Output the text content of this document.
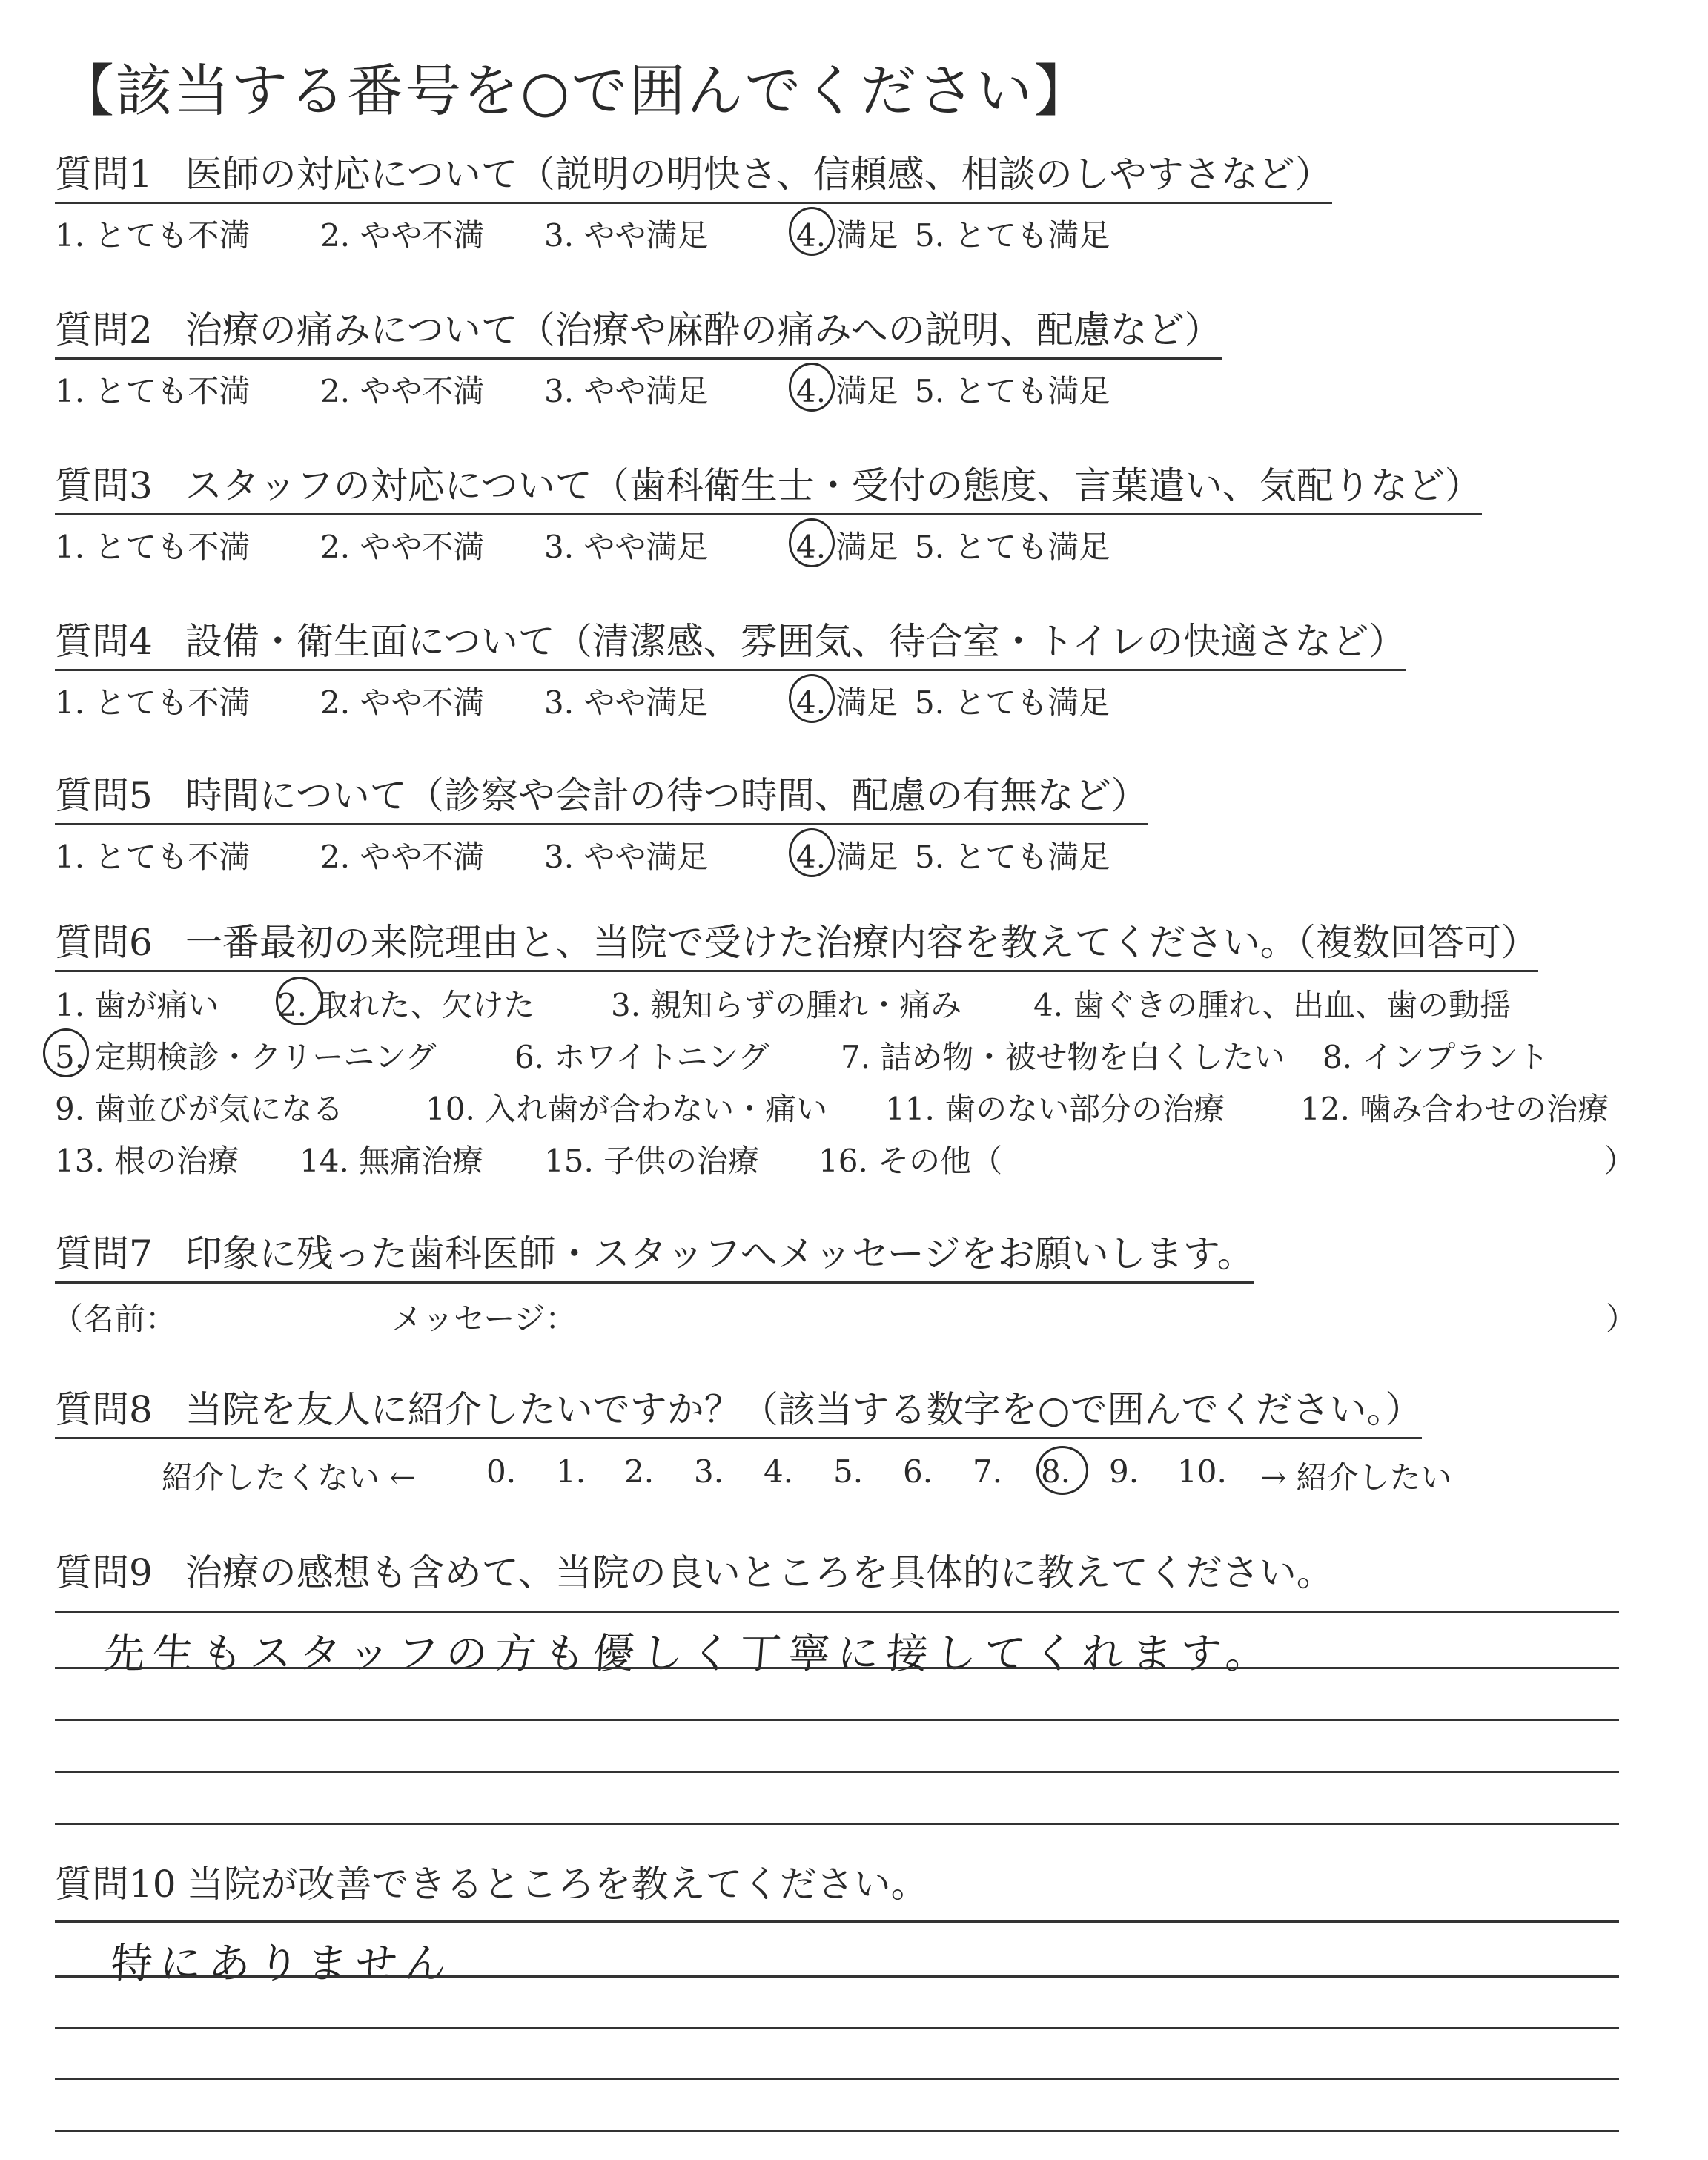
【該当する番号を○で囲んでください】
質問1 医師の対応について（説明の明快さ、信頼感、相談のしやすさなど）
1. とても不満 2. やや不満 3. やや満足	4. 満足 5. とても満足
質問2 治療の痛みについて（治療や麻酔の痛みへの説明、配慮など）
1. とても不満 2. やや不満 3. やや満足	4. 満足 5. とても満足
質問3 スタッフの対応について（歯科衛生士・受付の態度、言葉遣い、気配りなど）
1. とても不満 2. やや不満 3. やや満足	4. 満足 5. とても満足
質問4 設備・衛生面について（清潔感、雰囲気、待合室・トイレの快適さなど）
1. とても不満 2. やや不満 3. やや満足	4. 満足 5. とても満足
質問5 時間について（診察や会計の待つ時間、配慮の有無など）
1. とても不満 2. やや不満 3. やや満足	4. 満足 5. とても満足
質問6 一番最初の来院理由と、当院で受けた治療内容を教えてください。（複数回答可）
1. 歯が痛い 2. 取れた、欠けた 3. 親知らずの腫れ・痛み 4. 歯ぐきの腫れ、出血、歯の動揺
5. 定期検診・クリーニング	6. ホワイトニング 7. 詰め物・被せ物を白くしたい 8. インプラント
9. 歯並びが気になる	10. 入れ歯が合わない・痛い 11. 歯のない部分の治療 12. 噛み合わせの治療
13. 根の治療 14. 無痛治療 15. 子供の治療 16. その他（	）
質問7 印象に残った歯科医師・スタッフへメッセージをお願いします。
（名前：	メッセージ：	）
質問8 当院を友人に紹介したいですか？（該当する数字を○で囲んでください。）
紹介したくない ← 0. 1. 2. 3. 4. 5. 6. 7. 8. 9. 10. → 紹介したい
質問9 治療の感想も含めて、当院の良いところを具体的に教えてください。
先生もスタッフの方も優しく丁寧に接してくれます。
質問10 当院が改善できるところを教えてください。
特にありません
